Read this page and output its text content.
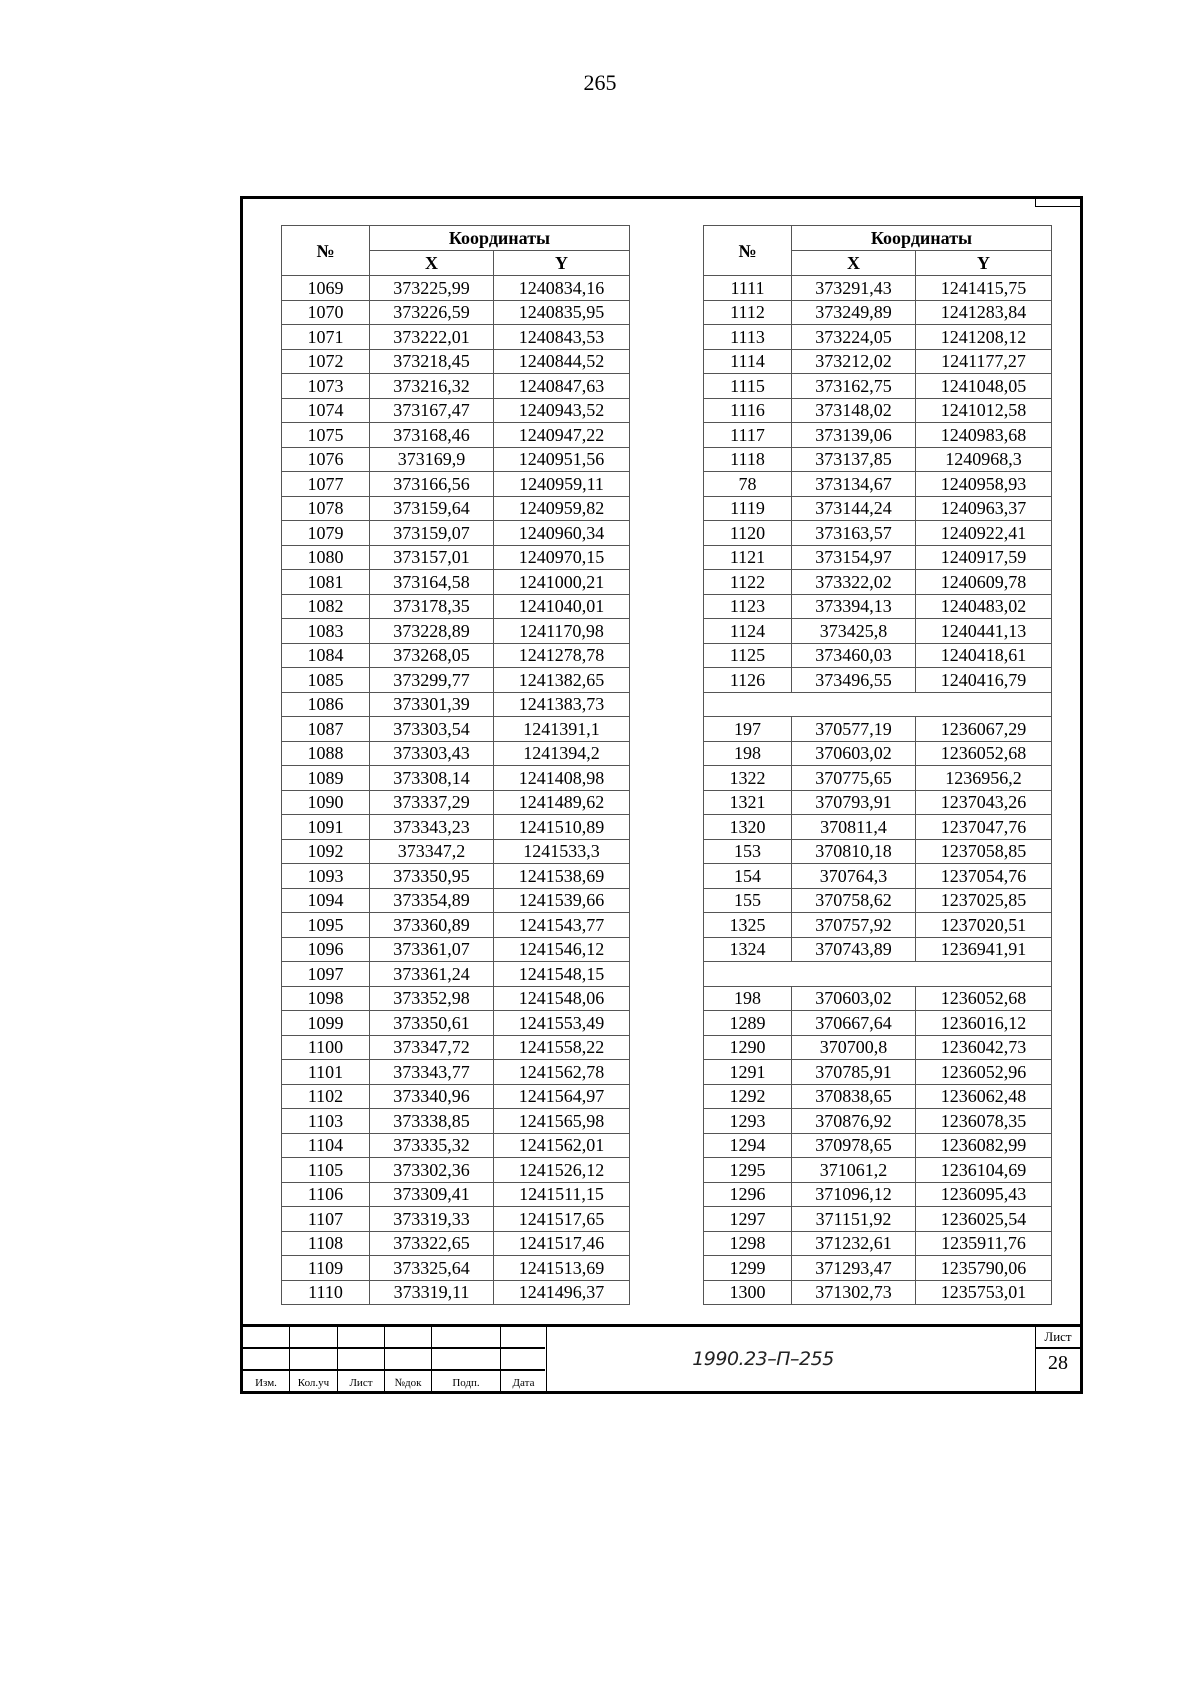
265
№	Координаты	
	X	Y
1069	373225,99	1240834,16
1070	373226,59	1240835,95
1071	373222,01	1240843,53
1072	373218,45	1240844,52
1073	373216,32	1240847,63
1074	373167,47	1240943,52
1075	373168,46	1240947,22
1076	373169,9	1240951,56
1077	373166,56	1240959,11
1078	373159,64	1240959,82
1079	373159,07	1240960,34
1080	373157,01	1240970,15
1081	373164,58	1241000,21
1082	373178,35	1241040,01
1083	373228,89	1241170,98
1084	373268,05	1241278,78
1085	373299,77	1241382,65
1086	373301,39	1241383,73
1087	373303,54	1241391,1
1088	373303,43	1241394,2
1089	373308,14	1241408,98
1090	373337,29	1241489,62
1091	373343,23	1241510,89
1092	373347,2	1241533,3
1093	373350,95	1241538,69
1094	373354,89	1241539,66
1095	373360,89	1241543,77
1096	373361,07	1241546,12
1097	373361,24	1241548,15
1098	373352,98	1241548,06
1099	373350,61	1241553,49
1100	373347,72	1241558,22
1101	373343,77	1241562,78
1102	373340,96	1241564,97
1103	373338,85	1241565,98
1104	373335,32	1241562,01
1105	373302,36	1241526,12
1106	373309,41	1241511,15
1107	373319,33	1241517,65
1108	373322,65	1241517,46
1109	373325,64	1241513,69
1110	373319,11	1241496,37
№	Координаты	
	X	Y
1111	373291,43	1241415,75
1112	373249,89	1241283,84
1113	373224,05	1241208,12
1114	373212,02	1241177,27
1115	373162,75	1241048,05
1116	373148,02	1241012,58
1117	373139,06	1240983,68
1118	373137,85	1240968,3
78	373134,67	1240958,93
1119	373144,24	1240963,37
1120	373163,57	1240922,41
1121	373154,97	1240917,59
1122	373322,02	1240609,78
1123	373394,13	1240483,02
1124	373425,8	1240441,13
1125	373460,03	1240418,61
1126	373496,55	1240416,79

197	370577,19	1236067,29
198	370603,02	1236052,68
1322	370775,65	1236956,2
1321	370793,91	1237043,26
1320	370811,4	1237047,76
153	370810,18	1237058,85
154	370764,3	1237054,76
155	370758,62	1237025,85
1325	370757,92	1237020,51
1324	370743,89	1236941,91

198	370603,02	1236052,68
1289	370667,64	1236016,12
1290	370700,8	1236042,73
1291	370785,91	1236052,96
1292	370838,65	1236062,48
1293	370876,92	1236078,35
1294	370978,65	1236082,99
1295	371061,2	1236104,69
1296	371096,12	1236095,43
1297	371151,92	1236025,54
1298	371232,61	1235911,76
1299	371293,47	1235790,06
1300	371302,73	1235753,01
Изм.	Кол.уч	Лист	№док	Подп.	Дата
1990.23–П–255
Лист
28
